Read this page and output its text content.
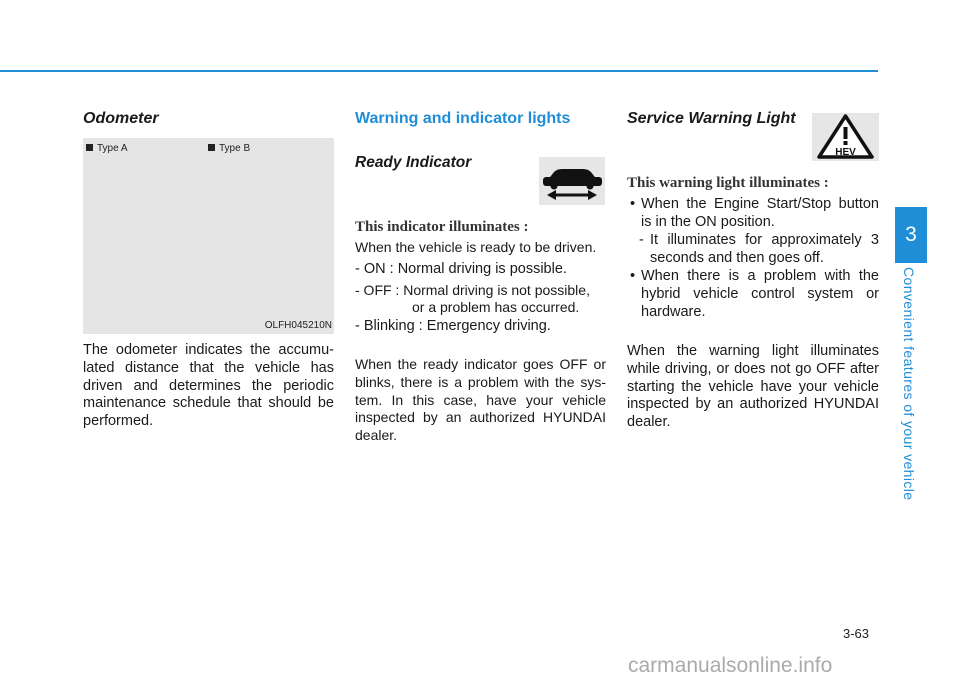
Odometer
Type A	Type B
OLFH045210N

The odometer indicates the accumu-lated distance that the vehicle has driven and determines the periodic maintenance schedule that should be performed.

Warning and indicator lights
Ready Indicator
This indicator illuminates :
When the vehicle is ready to be driven.
- ON : Normal driving is possible.
- OFF : Normal driving is not possible,
or a problem has occurred.
- Blinking : Emergency driving.

When the ready indicator goes OFF or blinks, there is a problem with the sys-tem. In this case, have your vehicle inspected by an authorized HYUNDAI dealer.

Service Warning Light
HEV
This warning light illuminates :
• When the Engine Start/Stop button is in the ON position.
- It illuminates for approximately 3 seconds and then goes off.
• When there is a problem with the hybrid vehicle control system or hardware.

When the warning light illuminates while driving, or does not go OFF after starting the vehicle have your vehicle inspected by an authorized HYUNDAI dealer.

3
Convenient features of your vehicle
3-63
carmanualsonline.info
